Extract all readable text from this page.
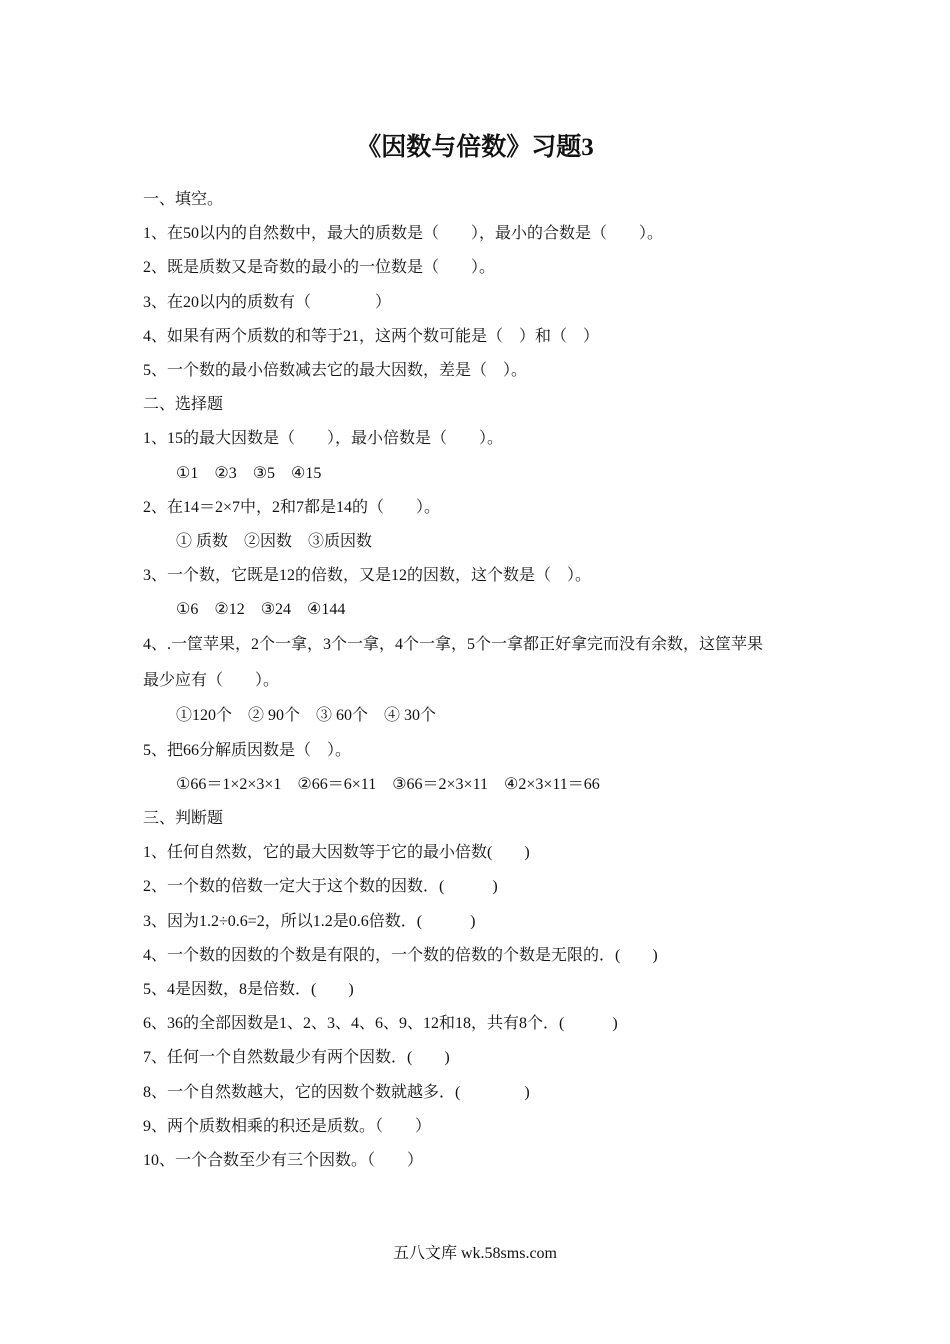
《因数与倍数》习题3
一、填空。
1、在50以内的自然数中，最大的质数是（　　），最小的合数是（　　）。
2、既是质数又是奇数的最小的一位数是（　　）。
3、在20以内的质数有（　　　　）
4、如果有两个质数的和等于21，这两个数可能是（　）和（　）
5、一个数的最小倍数减去它的最大因数，差是（　）。
二、选择题
1、15的最大因数是（　　），最小倍数是（　　）。
①1　②3　③5　④15
2、在14＝2×7中，2和7都是14的（　　）。
① 质数　②因数　③质因数
3、一个数，它既是12的倍数，又是12的因数，这个数是（　）。
①6　②12　③24　④144
4、.一筐苹果，2个一拿，3个一拿，4个一拿，5个一拿都正好拿完而没有余数，这筐苹果
最少应有（　　）。
①120个　② 90个　③ 60个　④ 30个
5、把66分解质因数是（　）。
①66＝1×2×3×1　②66＝6×11　③66＝2×3×11　④2×3×11＝66
三、判断题
1、任何自然数，它的最大因数等于它的最小倍数(　　)
2、一个数的倍数一定大于这个数的因数．(　　　)
3、因为1.2÷0.6=2，所以1.2是0.6倍数．(　　　)
4、一个数的因数的个数是有限的，一个数的倍数的个数是无限的．(　　)
5、4是因数，8是倍数．(　　)
6、36的全部因数是1、2、3、4、6、9、12和18，共有8个．(　　　)
7、任何一个自然数最少有两个因数．(　　)
8、一个自然数越大，它的因数个数就越多．(　　　　)
9、两个质数相乘的积还是质数。（　　）
10、一个合数至少有三个因数。（　　）
五八文库 wk.58sms.com
